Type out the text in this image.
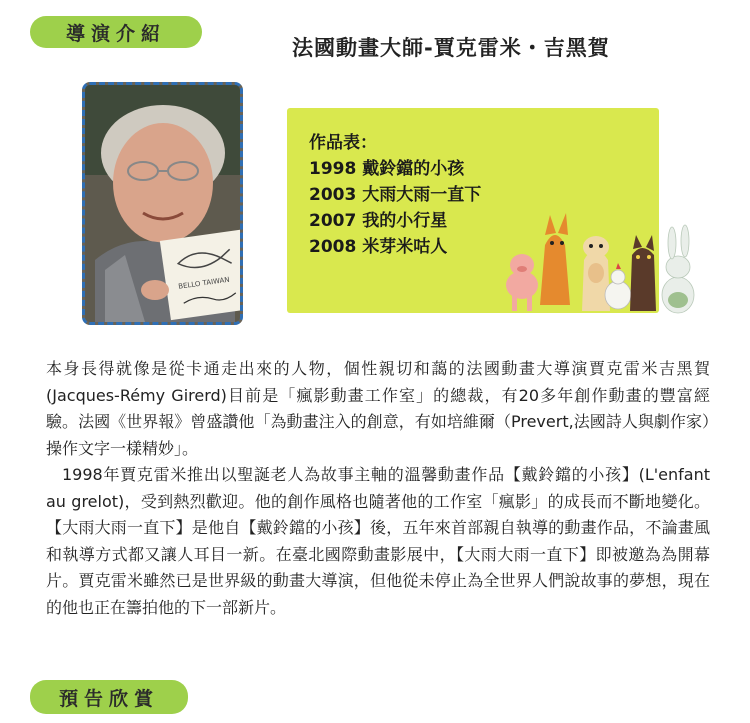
導演介紹
法國動畫大師-賈克雷米・吉黑賀
BELLO TAIWAN
作品表：
1998 戴鈴鐺的小孩
2003 大雨大雨一直下
2007 我的小行星
2008 米芽米咕人

本身長得就像是從卡通走出來的人物，個性親切和藹的法國動畫大導演賈克雷米吉黑賀(Jacques-Rémy Girerd)目前是「瘋影動畫工作室」的總裁，有20多年創作動畫的豐富經驗。法國《世界報》曾盛讚他「為動畫注入的創意，有如培維爾（Prevert,法國詩人與劇作家）操作文字一樣精妙」。

1998年賈克雷米推出以聖誕老人為故事主軸的溫馨動畫作品【戴鈴鐺的小孩】(L'enfant au grelot)，受到熱烈歡迎。他的創作風格也隨著他的工作室「瘋影」的成長而不斷地變化。【大雨大雨一直下】是他自【戴鈴鐺的小孩】後，五年來首部親自執導的動畫作品，不論畫風和執導方式都又讓人耳目一新。在臺北國際動畫影展中，【大雨大雨一直下】即被邀為為開幕片。賈克雷米雖然已是世界級的動畫大導演，但他從未停止為全世界人們說故事的夢想，現在的他也正在籌拍他的下一部新片。

預告欣賞
